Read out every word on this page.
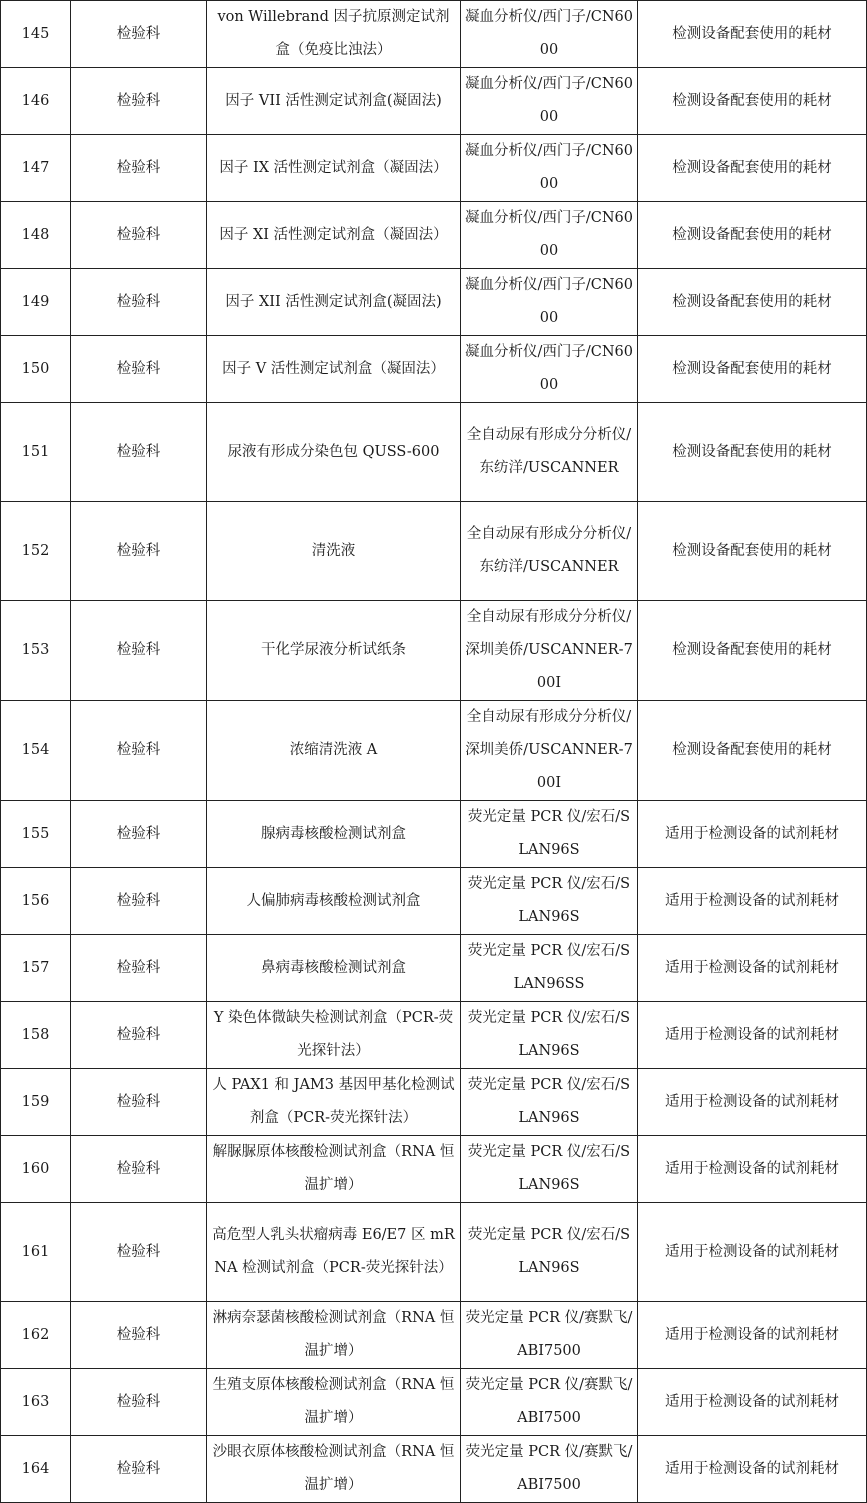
145	检验科	von Willebrand 因子抗原测定试剂盒（免疫比浊法）	凝血分析仪/西门子/CN6000	检测设备配套使用的耗材
146	检验科	因子 VII 活性测定试剂盒(凝固法)	凝血分析仪/西门子/CN6000	检测设备配套使用的耗材
147	检验科	因子 IX 活性测定试剂盒（凝固法）	凝血分析仪/西门子/CN6000	检测设备配套使用的耗材
148	检验科	因子 XI 活性测定试剂盒（凝固法）	凝血分析仪/西门子/CN6000	检测设备配套使用的耗材
149	检验科	因子 XII 活性测定试剂盒(凝固法)	凝血分析仪/西门子/CN6000	检测设备配套使用的耗材
150	检验科	因子 V 活性测定试剂盒（凝固法）	凝血分析仪/西门子/CN6000	检测设备配套使用的耗材
151	检验科	尿液有形成分染色包 QUSS-600	全自动尿有形成分分析仪/东纺洋/USCANNER	检测设备配套使用的耗材
152	检验科	清洗液	全自动尿有形成分分析仪/东纺洋/USCANNER	检测设备配套使用的耗材
153	检验科	干化学尿液分析试纸条	全自动尿有形成分分析仪/深圳美侨/USCANNER-700I	检测设备配套使用的耗材
154	检验科	浓缩清洗液 A	全自动尿有形成分分析仪/深圳美侨/USCANNER-700I	检测设备配套使用的耗材
155	检验科	腺病毒核酸检测试剂盒	荧光定量 PCR 仪/宏石/SLAN96S	适用于检测设备的试剂耗材
156	检验科	人偏肺病毒核酸检测试剂盒	荧光定量 PCR 仪/宏石/SLAN96S	适用于检测设备的试剂耗材
157	检验科	鼻病毒核酸检测试剂盒	荧光定量 PCR 仪/宏石/SLAN96SS	适用于检测设备的试剂耗材
158	检验科	Y 染色体微缺失检测试剂盒（PCR-荧光探针法）	荧光定量 PCR 仪/宏石/SLAN96S	适用于检测设备的试剂耗材
159	检验科	人 PAX1 和 JAM3 基因甲基化检测试剂盒（PCR-荧光探针法）	荧光定量 PCR 仪/宏石/SLAN96S	适用于检测设备的试剂耗材
160	检验科	解脲脲原体核酸检测试剂盒（RNA 恒温扩增）	荧光定量 PCR 仪/宏石/SLAN96S	适用于检测设备的试剂耗材
161	检验科	高危型人乳头状瘤病毒 E6/E7 区 mRNA 检测试剂盒（PCR-荧光探针法）	荧光定量 PCR 仪/宏石/SLAN96S	适用于检测设备的试剂耗材
162	检验科	淋病奈瑟菌核酸检测试剂盒（RNA 恒温扩增）	荧光定量 PCR 仪/赛默飞/ABI7500	适用于检测设备的试剂耗材
163	检验科	生殖支原体核酸检测试剂盒（RNA 恒温扩增）	荧光定量 PCR 仪/赛默飞/ABI7500	适用于检测设备的试剂耗材
164	检验科	沙眼衣原体核酸检测试剂盒（RNA 恒温扩增）	荧光定量 PCR 仪/赛默飞/ABI7500	适用于检测设备的试剂耗材
